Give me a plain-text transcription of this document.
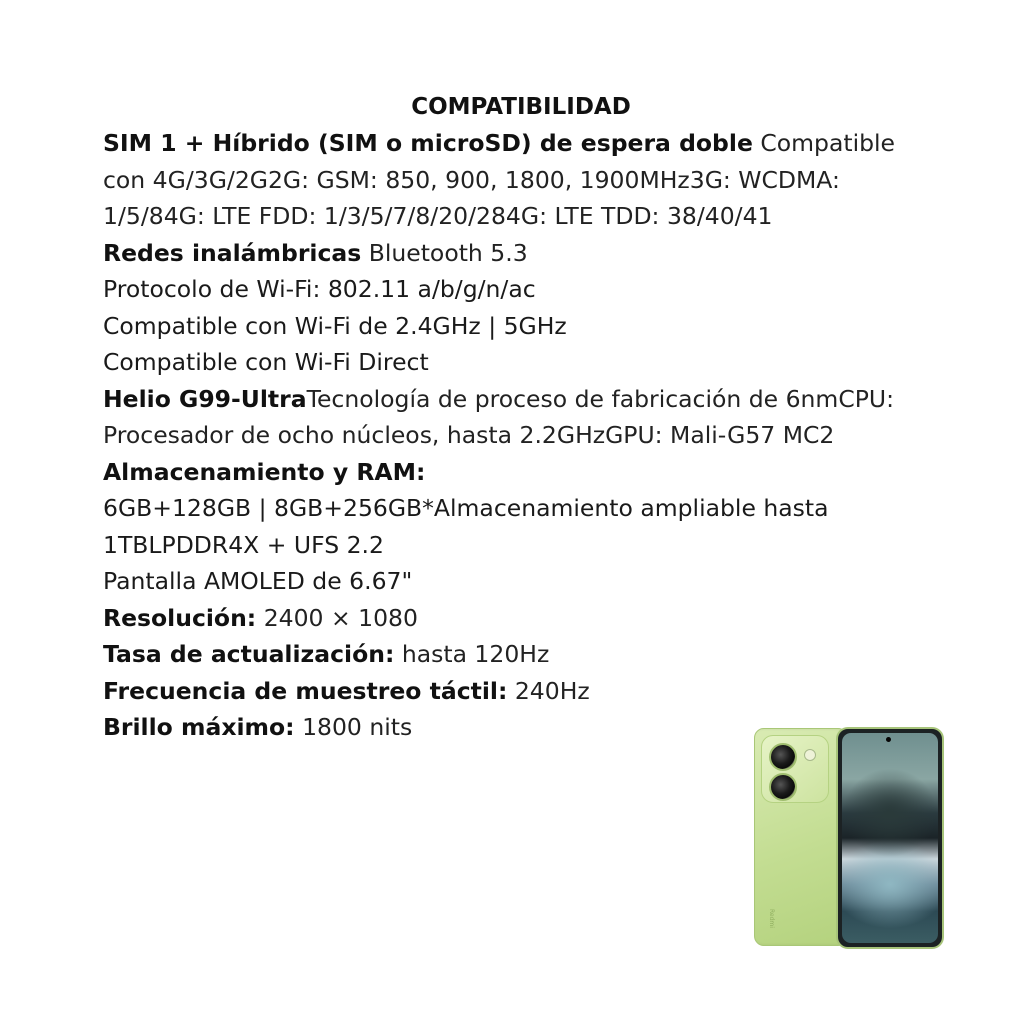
COMPATIBILIDAD

SIM 1 + Híbrido (SIM o microSD) de espera doble Compatible con 4G/3G/2G2G: GSM: 850, 900, 1800, 1900MHz3G: WCDMA: 1/5/84G: LTE FDD: 1/3/5/7/8/20/284G: LTE TDD: 38/40/41

Redes inalámbricas Bluetooth 5.3

Protocolo de Wi-Fi: 802.11 a/b/g/n/ac

Compatible con Wi-Fi de 2.4GHz | 5GHz

Compatible con Wi-Fi Direct

Helio G99-UltraTecnología de proceso de fabricación de 6nmCPU: Procesador de ocho núcleos, hasta 2.2GHzGPU: Mali-G57 MC2

Almacenamiento y RAM:

6GB+128GB | 8GB+256GB*Almacenamiento ampliable hasta 1TBLPDDR4X + UFS 2.2

Pantalla AMOLED de 6.67"

Resolución: 2400 × 1080

Tasa de actualización: hasta 120Hz

Frecuencia de muestreo táctil: 240Hz

Brillo máximo: 1800 nits

Redmi
